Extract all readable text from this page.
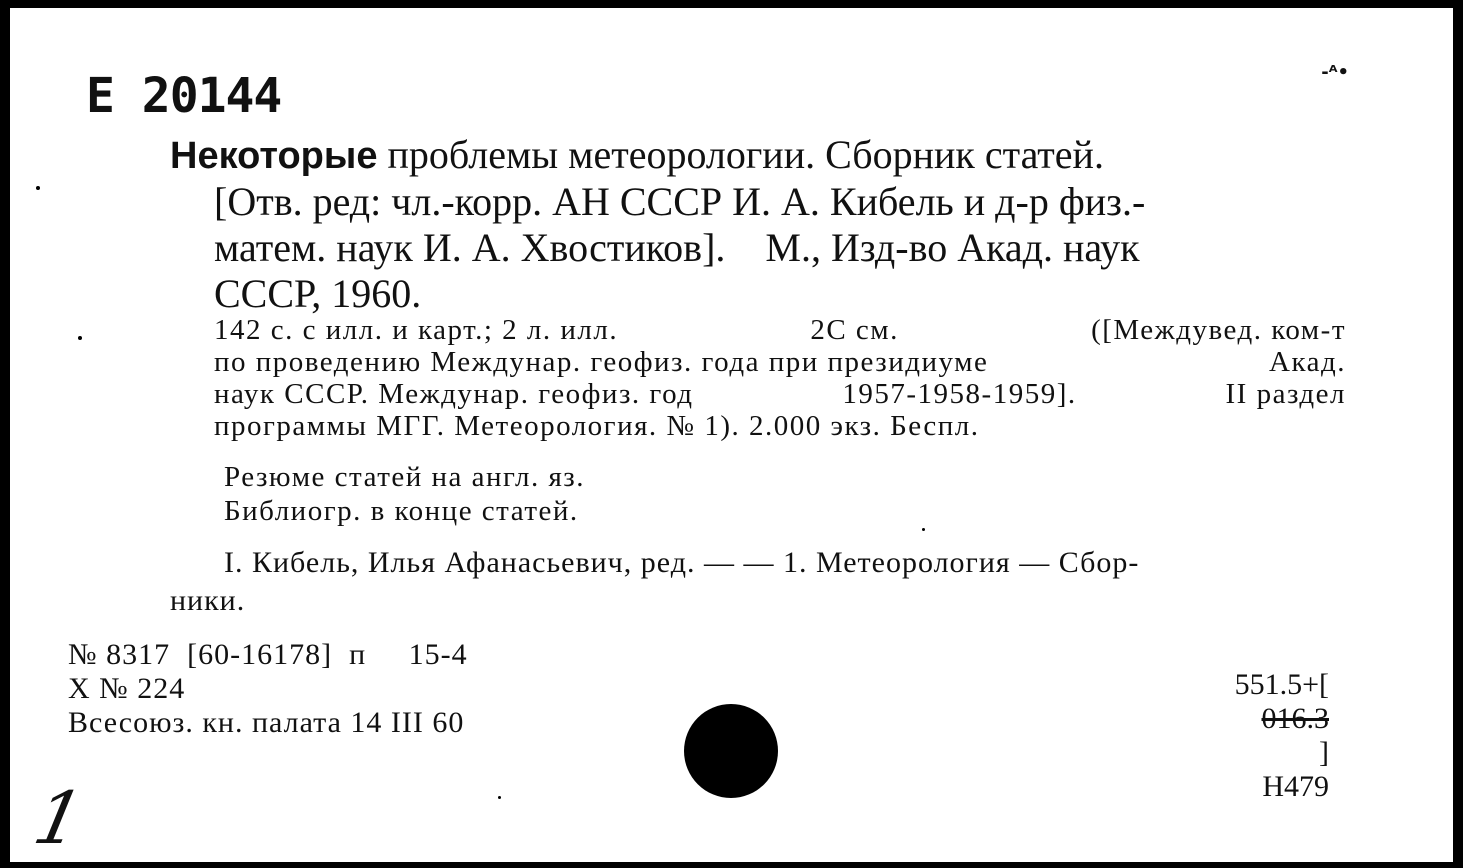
E 20144	-ᴬ•
Некоторые проблемы метеорологии. Сборник статей.
[Отв. ред: чл.-корр. АН СССР И. А. Кибель и д-р физ.-
матем. наук И. А. Хвостиков].    М., Изд-во Акад. наук
СССР, 1960.
142 с. с илл. и карт.; 2 л. илл.	2С см.	([Междувед. ком-т
по проведению Междунар. геофиз. года при президиуме	Акад.
наук СССР. Междунар. геофиз. год	1957-1958-1959].	II раздел
программы МГГ. Метеорология. № 1). 2.000 экз. Беспл.
Резюме статей на англ. яз.
Библиогр. в конце статей.
I. Кибель, Илья Афанасьевич, ред. — — 1. Метеорология — Сбор-
ники.
№ 8317  [60-16178]  п     15-4
Х № 224
Всесоюз. кн. палата 14 III 60
551.5+[
016.3
]
Н479
1
